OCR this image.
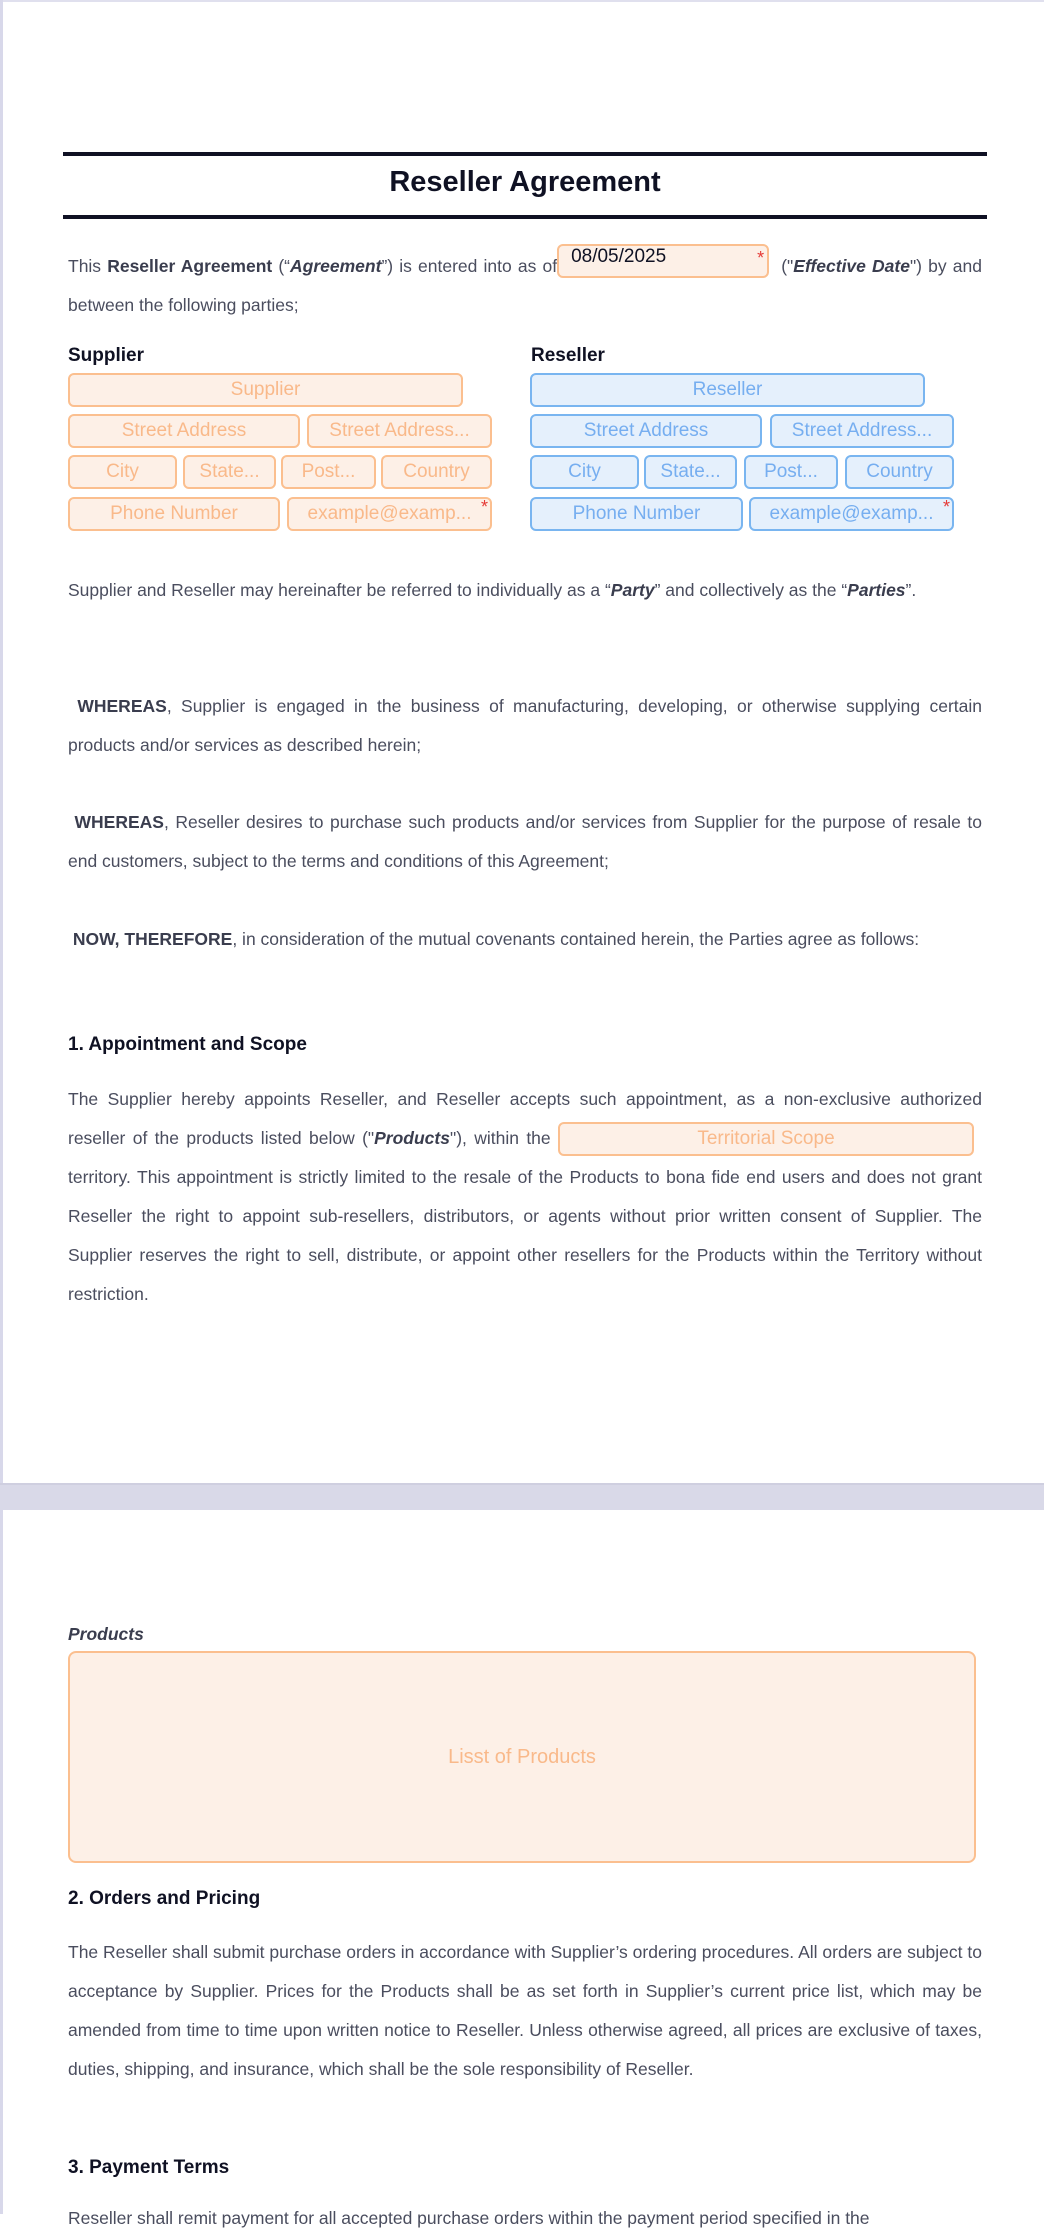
Reseller Agreement
This Reseller Agreement (“Agreement”) is entered into as of 08/05/2025	* ("Effective Date") by and between the following parties;
Supplier
Supplier
Street Address	Street Address...
City	State...	Post...	Country
Phone Number	example@examp... *
Reseller
Reseller
Street Address	Street Address...
City	State...	Post...	Country
Phone Number	example@examp... *
Supplier and Reseller may hereinafter be referred to individually as a “Party” and collectively as the “Parties”.
WHEREAS, Supplier is engaged in the business of manufacturing, developing, or otherwise supplying certain products and/or services as described herein;
WHEREAS, Reseller desires to purchase such products and/or services from Supplier for the purpose of resale to end customers, subject to the terms and conditions of this Agreement;
NOW, THEREFORE, in consideration of the mutual covenants contained herein, the Parties agree as follows:
1. Appointment and Scope
The Supplier hereby appoints Reseller, and Reseller accepts such appointment, as a non-exclusive authorized reseller of the products listed below ("Products"), within the	Territorial Scopeterritory. This appointment is strictly limited to the resale of the Products to bona fide end users and does not grant Reseller the right to appoint sub-resellers, distributors, or agents without prior written consent of Supplier. The Supplier reserves the right to sell, distribute, or appoint other resellers for the Products within the Territory without restriction.
Products
Lisst of Products
2. Orders and Pricing
The Reseller shall submit purchase orders in accordance with Supplier’s ordering procedures. All orders are subject to acceptance by Supplier. Prices for the Products shall be as set forth in Supplier’s current price list, which may be amended from time to time upon written notice to Reseller. Unless otherwise agreed, all prices are exclusive of taxes, duties, shipping, and insurance, which shall be the sole responsibility of Reseller.
3. Payment Terms
Reseller shall remit payment for all accepted purchase orders within the payment period specified in the
